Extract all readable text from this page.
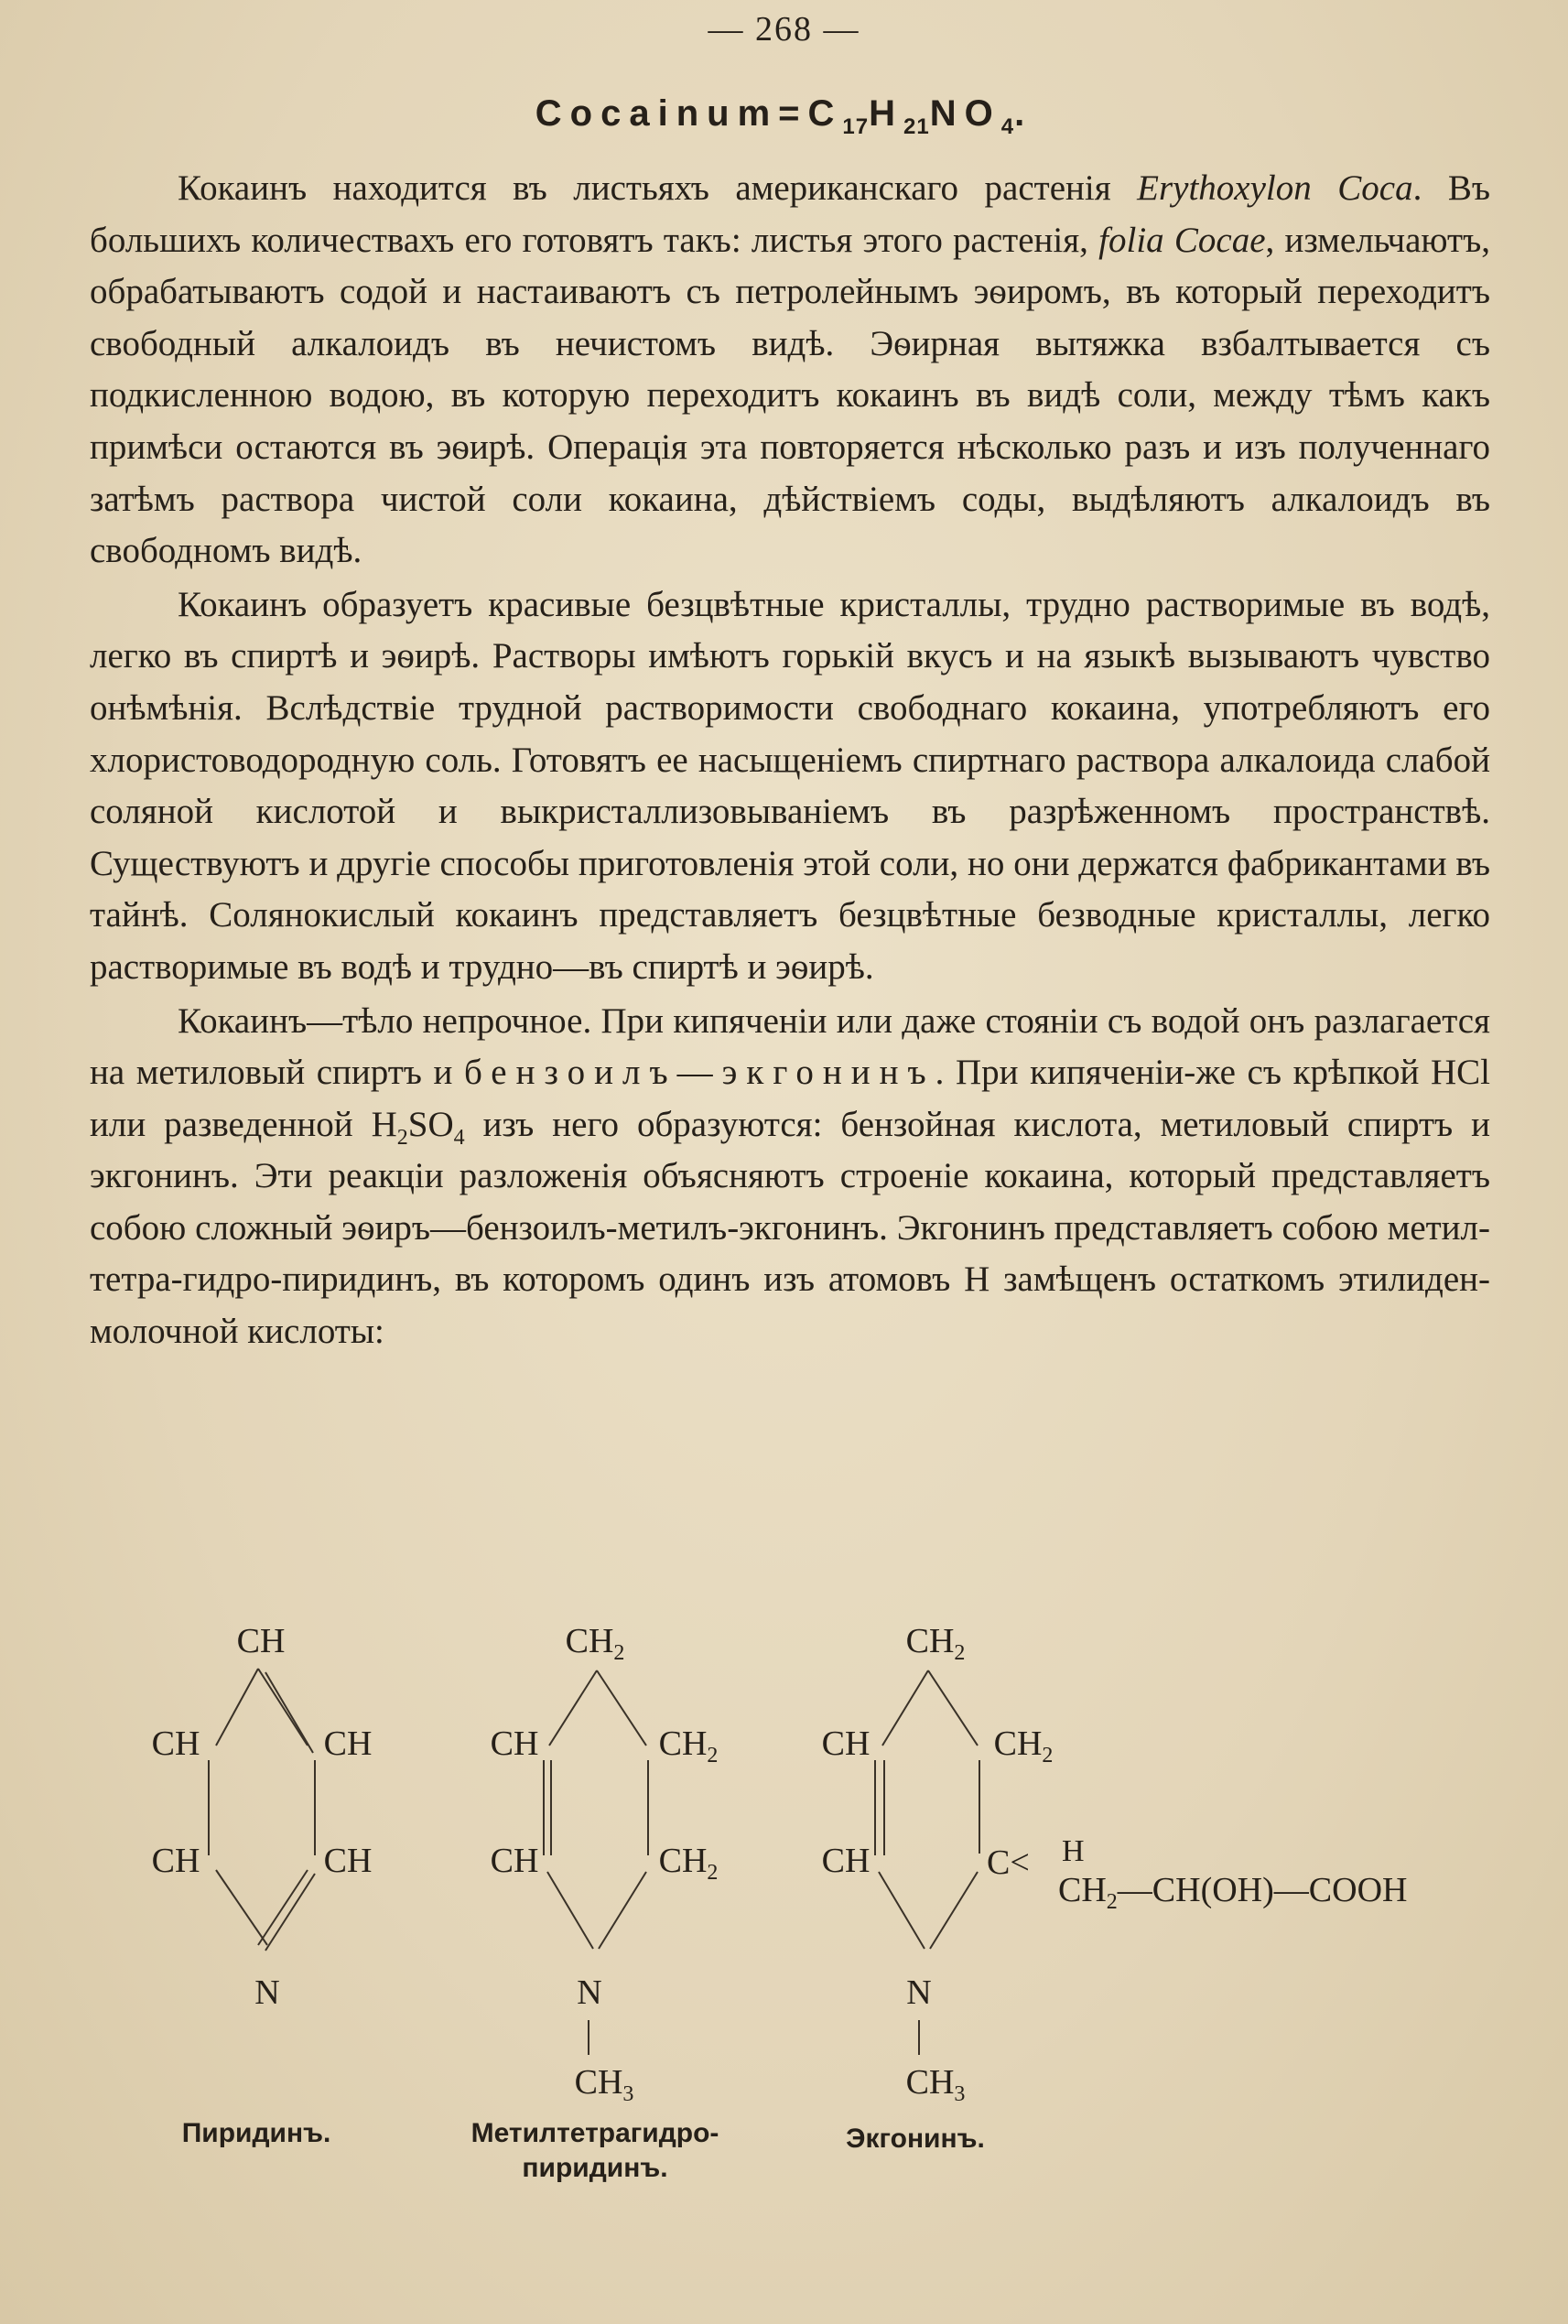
— 268 —
$Cocainum=C_{17}H_{21}NO_4$.

Кокаинъ находится въ листьяхъ американскаго растенія Erythoxylon Coca. Въ большихъ количествахъ его готовятъ такъ: листья этого растенія, folia Cocae, измельчаютъ, обрабатываютъ содой и настаиваютъ съ петролейнымъ эѳиромъ, въ который переходитъ свободный алкалоидъ въ нечистомъ видѣ. Эѳирная вытяжка взбалтывается съ подкисленною водою, въ которую переходитъ кокаинъ въ видѣ соли, между тѣмъ какъ примѣси остаются въ эѳирѣ. Операція эта повторяется нѣсколько разъ и изъ полученнаго затѣмъ раствора чистой соли кокаина, дѣйствіемъ соды, выдѣляютъ алкалоидъ въ свободномъ видѣ.

Кокаинъ образуетъ красивые безцвѣтные кристаллы, трудно растворимые въ водѣ, легко въ спиртѣ и эѳирѣ. Растворы имѣютъ горькій вкусъ и на языкѣ вызываютъ чувство онѣмѣнія. Вслѣдствіе трудной растворимости свободнаго кокаина, употребляютъ его хлористоводородную соль. Готовятъ ее насыщеніемъ спиртнаго раствора алкалоида слабой соляной кислотой и выкристаллизовываніемъ въ разрѣженномъ пространствѣ. Существуютъ и другіе способы приготовленія этой соли, но они держатся фабрикантами въ тайнѣ. Солянокислый кокаинъ представляетъ безцвѣтные безводные кристаллы, легко растворимые въ водѣ и трудно—въ спиртѣ и эѳирѣ.

Кокаинъ—тѣло непрочное. При кипяченіи или даже стояніи съ водой онъ разлагается на метиловый спиртъ и бензоилъ—экгонинъ. При кипяченіи-же съ крѣпкой HCl или разведенной $H_2SO_4$ изъ него образуются: бензойная кислота, метиловый спиртъ и экгонинъ. Эти реакціи разложенія объясняютъ строеніе кокаина, который представляетъ собою сложный эѳиръ—бензоилъ-метилъ-экгонинъ. Экгонинъ представляетъ собою метил-тетра-гидро-пиридинъ, въ которомъ одинъ изъ атомовъ H замѣщенъ остаткомъ этилиден-молочной кислоты:

CH
CH	CH
CH	CH
N
$CH_2$
CH	$CH_2$
CH	$CH_2$
N
$CH_3$
$CH_2$
CH	$CH_2$
CH	C< H
$CH_2—CH(OH)—COOH$
N
$CH_3$
Пиридинъ.	Метилтетрагидро-
пиридинъ.
Экгонинъ.
